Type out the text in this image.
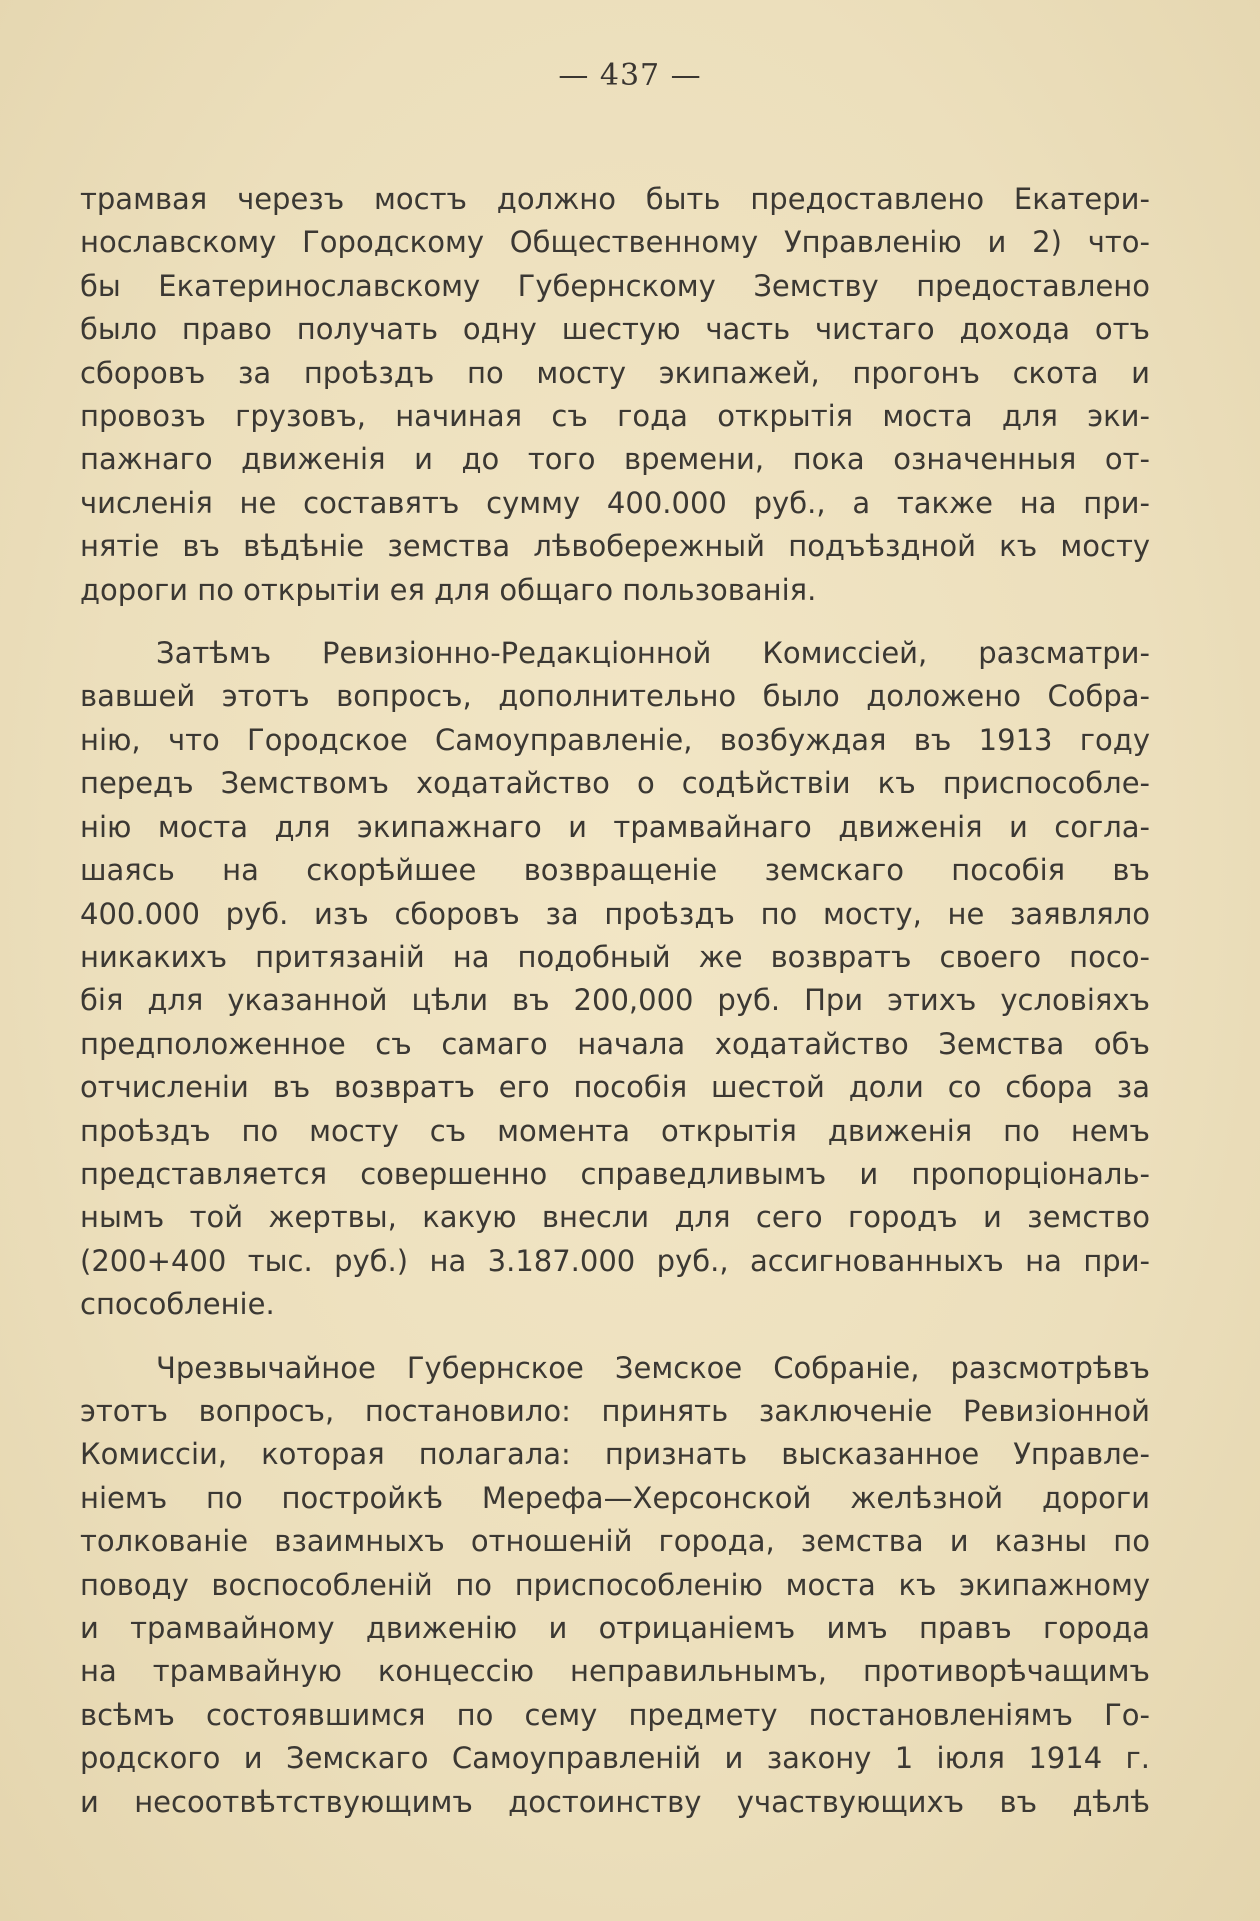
— 437 —
трамвая черезъ мостъ должно быть предоставлено Екатери-
нославскому Городскому Общественному Управленію и 2) что-
бы Екатеринославскому Губернскому Земству предоставлено
было право получать одну шестую часть чистаго дохода отъ
сборовъ за проѣздъ по мосту экипажей, прогонъ скота и
провозъ грузовъ, начиная съ года открытія моста для эки-
пажнаго движенія и до того времени, пока означенныя от-
численія не составятъ сумму 400.000 руб., а также на при-
нятіе въ вѣдѣніе земства лѣвобережный подъѣздной къ мосту
дороги по открытіи ея для общаго пользованія.
Затѣмъ Ревизіонно-Редакціонной Комиссіей, разсматри-
вавшей этотъ вопросъ, дополнительно было доложено Собра-
нію, что Городское Самоуправленіе, возбуждая въ 1913 году
передъ Земствомъ ходатайство о содѣйствіи къ приспособле-
нію моста для экипажнаго и трамвайнаго движенія и согла-
шаясь на скорѣйшее возвращеніе земскаго пособія въ
400.000 руб. изъ сборовъ за проѣздъ по мосту, не заявляло
никакихъ притязаній на подобный же возвратъ своего посо-
бія для указанной цѣли въ 200,000 руб. При этихъ условіяхъ
предположенное съ самаго начала ходатайство Земства объ
отчисленіи въ возвратъ его пособія шестой доли со сбора за
проѣздъ по мосту съ момента открытія движенія по немъ
представляется совершенно справедливымъ и пропорціональ-
нымъ той жертвы, какую внесли для сего городъ и земство
(200+400 тыс. руб.) на 3.187.000 руб., ассигнованныхъ на при-
способленіе.
Чрезвычайное Губернское Земское Собраніе, разсмотрѣвъ
этотъ вопросъ, постановило: принять заключеніе Ревизіонной
Комиссіи, которая полагала: признать высказанное Управле-
ніемъ по постройкѣ Мерефа—Херсонской желѣзной дороги
толкованіе взаимныхъ отношеній города, земства и казны по
поводу воспособленій по приспособленію моста къ экипажному
и трамвайному движенію и отрицаніемъ имъ правъ города
на трамвайную концессію неправильнымъ, противорѣчащимъ
всѣмъ состоявшимся по сему предмету постановленіямъ Го-
родского и Земскаго Самоуправленій и закону 1 іюля 1914 г.
и несоотвѣтствующимъ достоинству участвующихъ въ дѣлѣ
